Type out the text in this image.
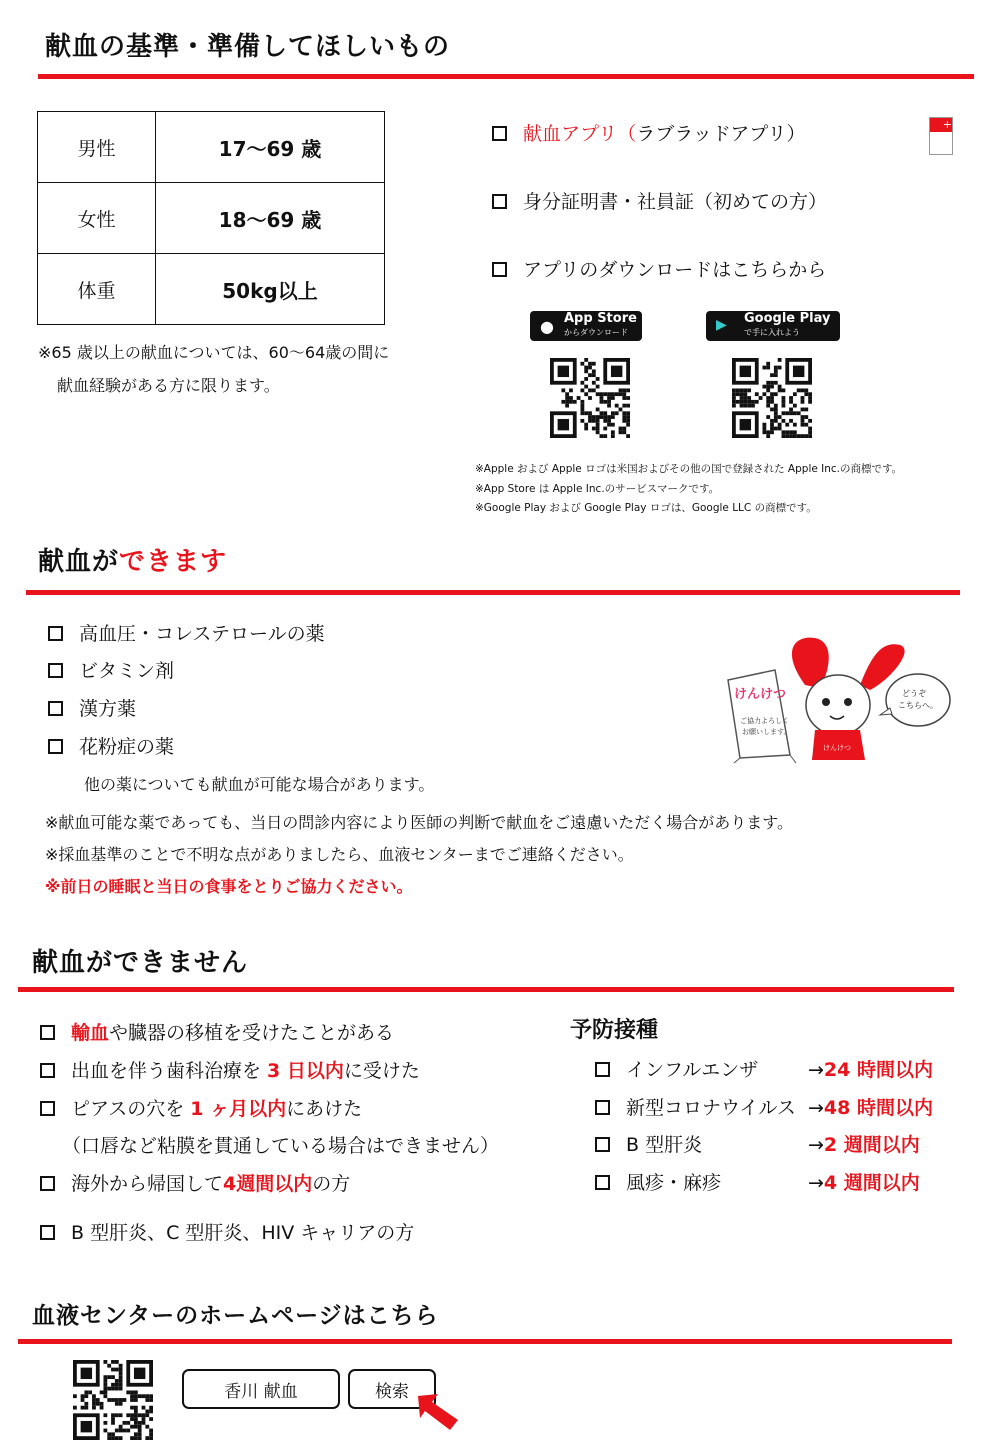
献血の基準・準備してほしいもの
男性	17～69 歳
女性	18～69 歳
体重	50kg以上
※65 歳以上の献血については、60～64歳の間に
献血経験がある方に限ります。
献血アプリ（ラブラッドアプリ）	+
身分証明書・社員証（初めての方）
アプリのダウンロードはこちらから
● App Store
からダウンロード	▶ Google Play
で手に入れよう
※Apple および Apple ロゴは米国およびその他の国で登録された Apple Inc.の商標です。
※App Store は Apple Inc.のサービスマークです。
※Google Play および Google Play ロゴは、Google LLC の商標です。
献血ができます
高血圧・コレステロールの薬
ビタミン剤
漢方薬
花粉症の薬
他の薬についても献血が可能な場合があります。
※献血可能な薬であっても、当日の問診内容により医師の判断で献血をご遠慮いただく場合があります。
※採血基準のことで不明な点がありましたら、血液センターまでご連絡ください。
※前日の睡眠と当日の食事をとりご協力ください。
けんけつ
ご協力よろしく
お願いします。
けんけつ
どうぞ
こちらへ。
献血ができません
輸血や臓器の移植を受けたことがある
出血を伴う歯科治療を 3 日以内に受けた
ピアスの穴を 1 ヶ月以内にあけた
（口唇など粘膜を貫通している場合はできません）
海外から帰国して4週間以内の方
B 型肝炎、C 型肝炎、HIV キャリアの方
予防接種
インフルエンザ	→24 時間以内
新型コロナウイルス →48 時間以内
B 型肝炎	→2 週間以内
風疹・麻疹	→4 週間以内
血液センターのホームページはこちら
香川 献血	検索
